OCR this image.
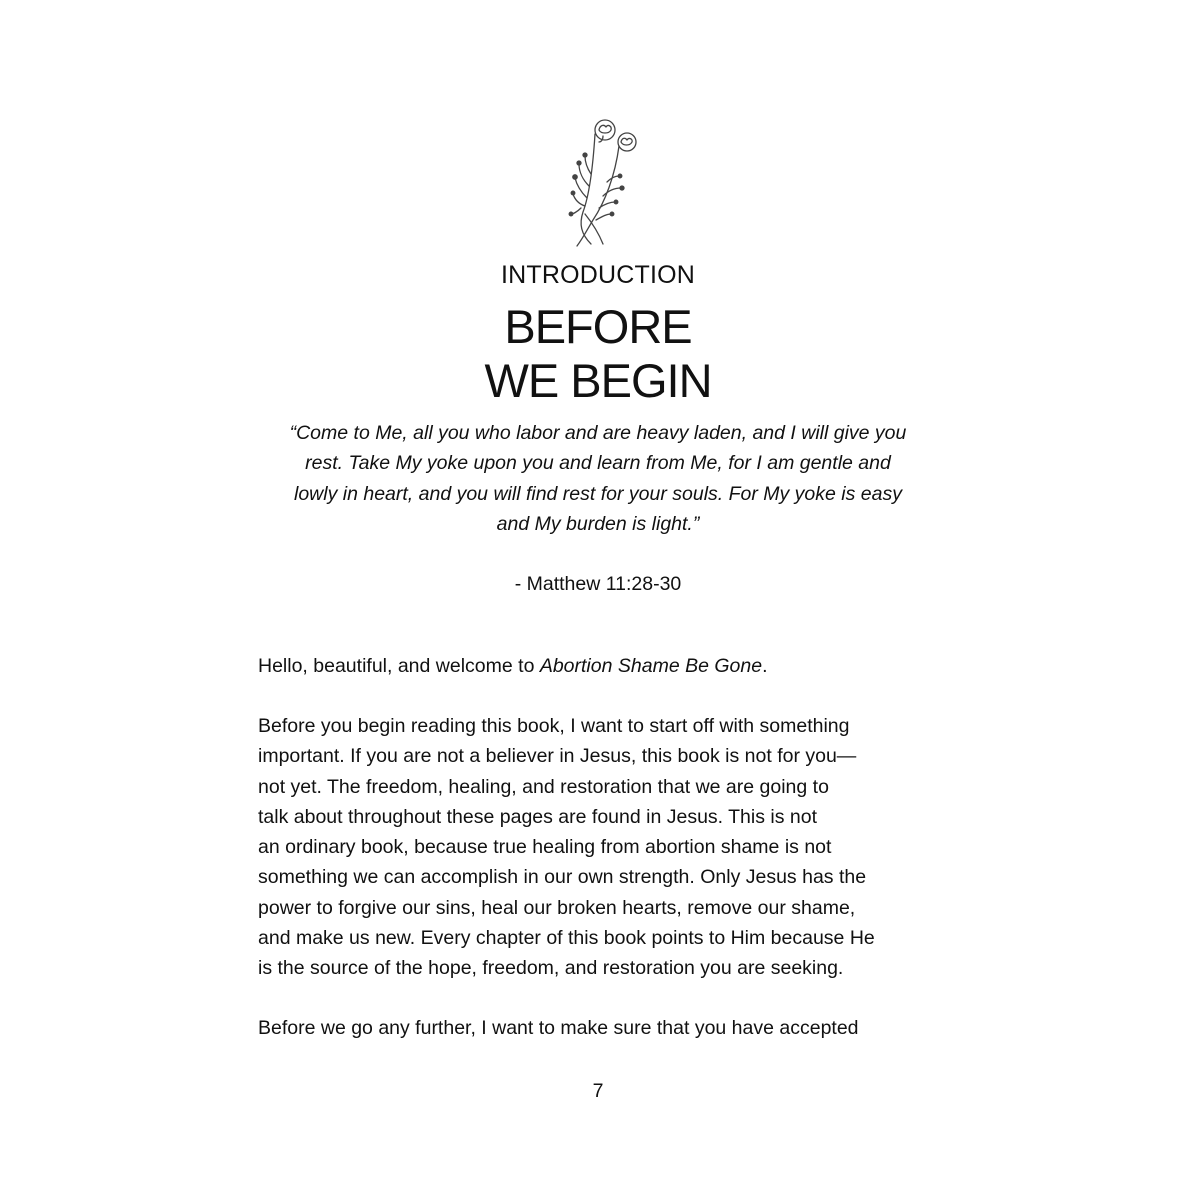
INTRODUCTION
BEFORE
WE BEGIN
“Come to Me, all you who labor and are heavy laden, and I will give you
rest. Take My yoke upon you and learn from Me, for I am gentle and
lowly in heart, and you will find rest for your souls. For My yoke is easy
and My burden is light.”
- Matthew 11:28-30
Hello, beautiful, and welcome to Abortion Shame Be Gone.
Before you begin reading this book, I want to start off with something
important. If you are not a believer in Jesus, this book is not for you—
not yet. The freedom, healing, and restoration that we are going to
talk about throughout these pages are found in Jesus. This is not
an ordinary book, because true healing from abortion shame is not
something we can accomplish in our own strength. Only Jesus has the
power to forgive our sins, heal our broken hearts, remove our shame,
and make us new. Every chapter of this book points to Him because He
is the source of the hope, freedom, and restoration you are seeking.
Before we go any further, I want to make sure that you have accepted
7
